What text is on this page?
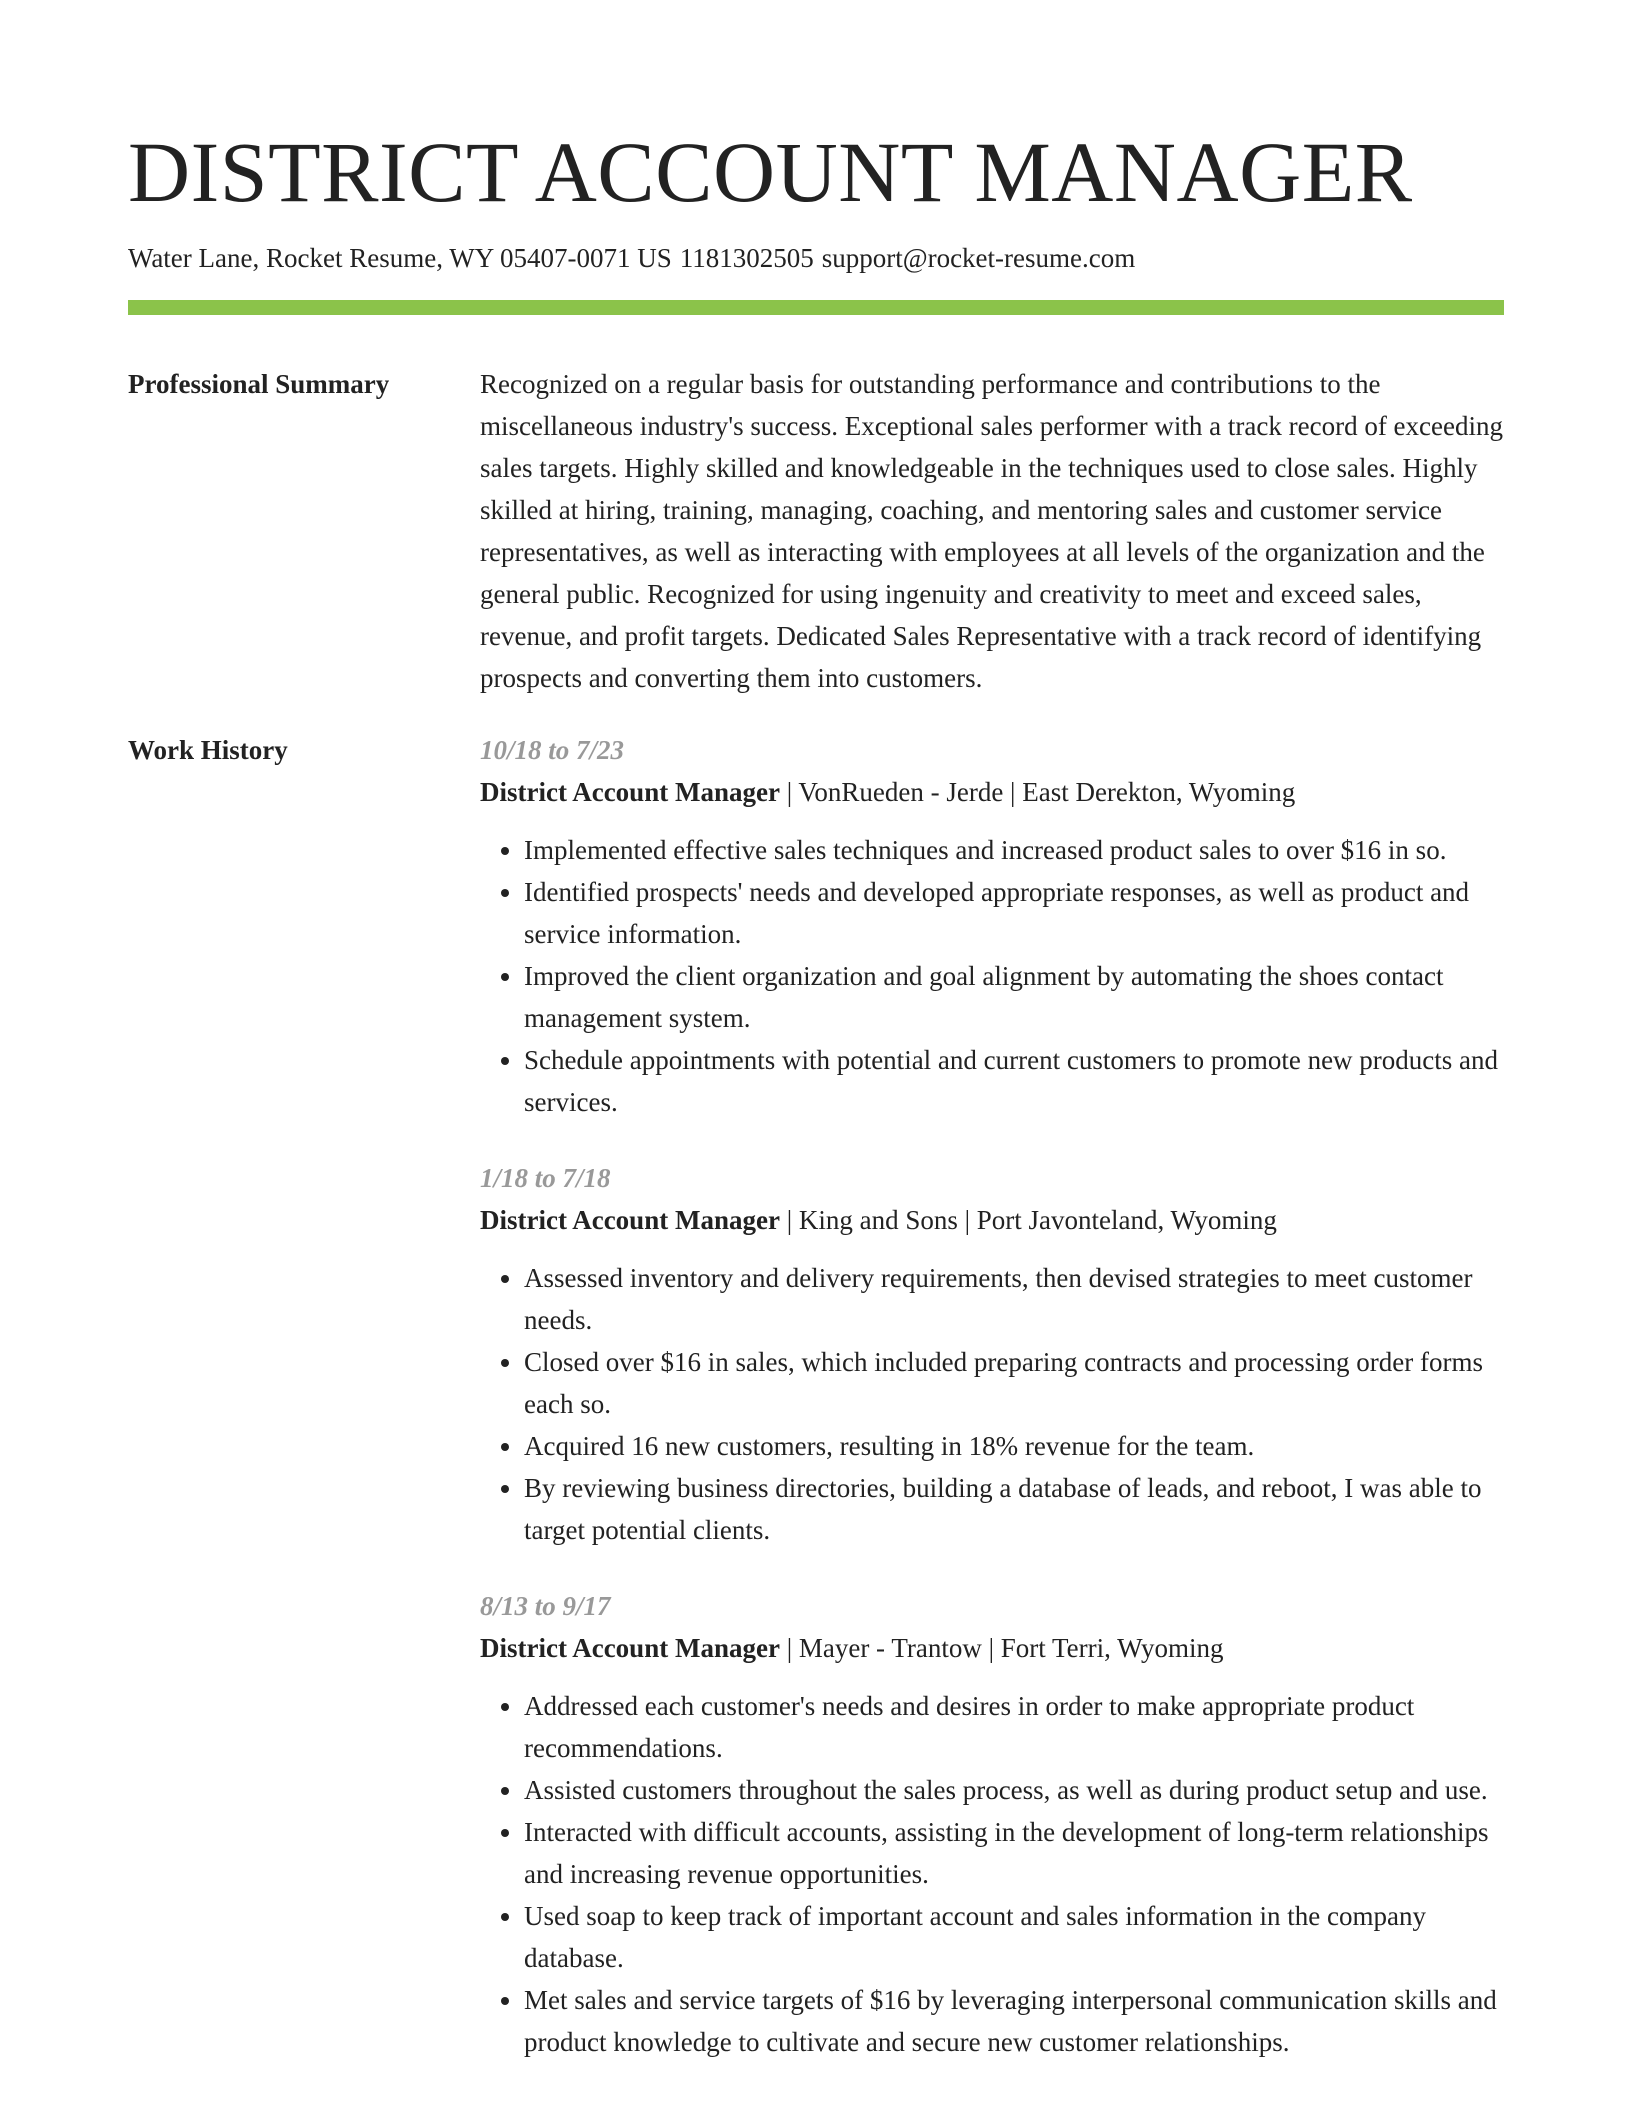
DISTRICT ACCOUNT MANAGER
Water Lane, Rocket Resume, WY 05407-0071 US 1181302505 support@rocket-resume.com
Professional Summary	Recognized on a regular basis for outstanding performance and contributions to the miscellaneous industry's success. Exceptional sales performer with a track record of exceeding sales targets. Highly skilled and knowledgeable in the techniques used to close sales. Highly skilled at hiring, training, managing, coaching, and mentoring sales and customer service representatives, as well as interacting with employees at all levels of the organization and the general public. Recognized for using ingenuity and creativity to meet and exceed sales, revenue, and profit targets. Dedicated Sales Representative with a track record of identifying prospects and converting them into customers.

Work History	10/18 to 7/23
District Account Manager | VonRueden - Jerde | East Derekton, Wyoming
• Implemented effective sales techniques and increased product sales to over $16 in so.
• Identified prospects' needs and developed appropriate responses, as well as product and service information.
• Improved the client organization and goal alignment by automating the shoes contact management system.
• Schedule appointments with potential and current customers to promote new products and services.
1/18 to 7/18
District Account Manager | King and Sons | Port Javonteland, Wyoming
• Assessed inventory and delivery requirements, then devised strategies to meet customer needs.
• Closed over $16 in sales, which included preparing contracts and processing order forms each so.
• Acquired 16 new customers, resulting in 18% revenue for the team.
• By reviewing business directories, building a database of leads, and reboot, I was able to target potential clients.
8/13 to 9/17
District Account Manager | Mayer - Trantow | Fort Terri, Wyoming
• Addressed each customer's needs and desires in order to make appropriate product recommendations.
• Assisted customers throughout the sales process, as well as during product setup and use.
• Interacted with difficult accounts, assisting in the development of long-term relationships and increasing revenue opportunities.
• Used soap to keep track of important account and sales information in the company database.
• Met sales and service targets of $16 by leveraging interpersonal communication skills and product knowledge to cultivate and secure new customer relationships.
